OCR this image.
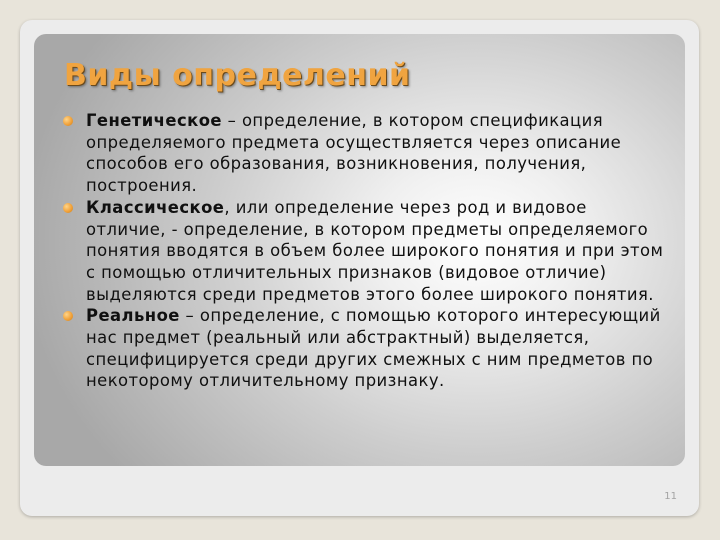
Виды определений
Генетическое – определение, в котором спецификация определяемого предмета осуществляется через описание способов его образования, возникновения, получения, построения.
Классическое, или определение через род и видовое отличие, - определение, в котором предметы определяемого понятия вводятся в объем более широкого понятия и при этом с помощью отличительных признаков (видовое отличие) выделяются среди предметов этого более широкого понятия.
Реальное – определение, с помощью которого интересующий нас предмет (реальный или абстрактный) выделяется, специфицируется среди других смежных с ним предметов по некоторому отличительному признаку.
11
